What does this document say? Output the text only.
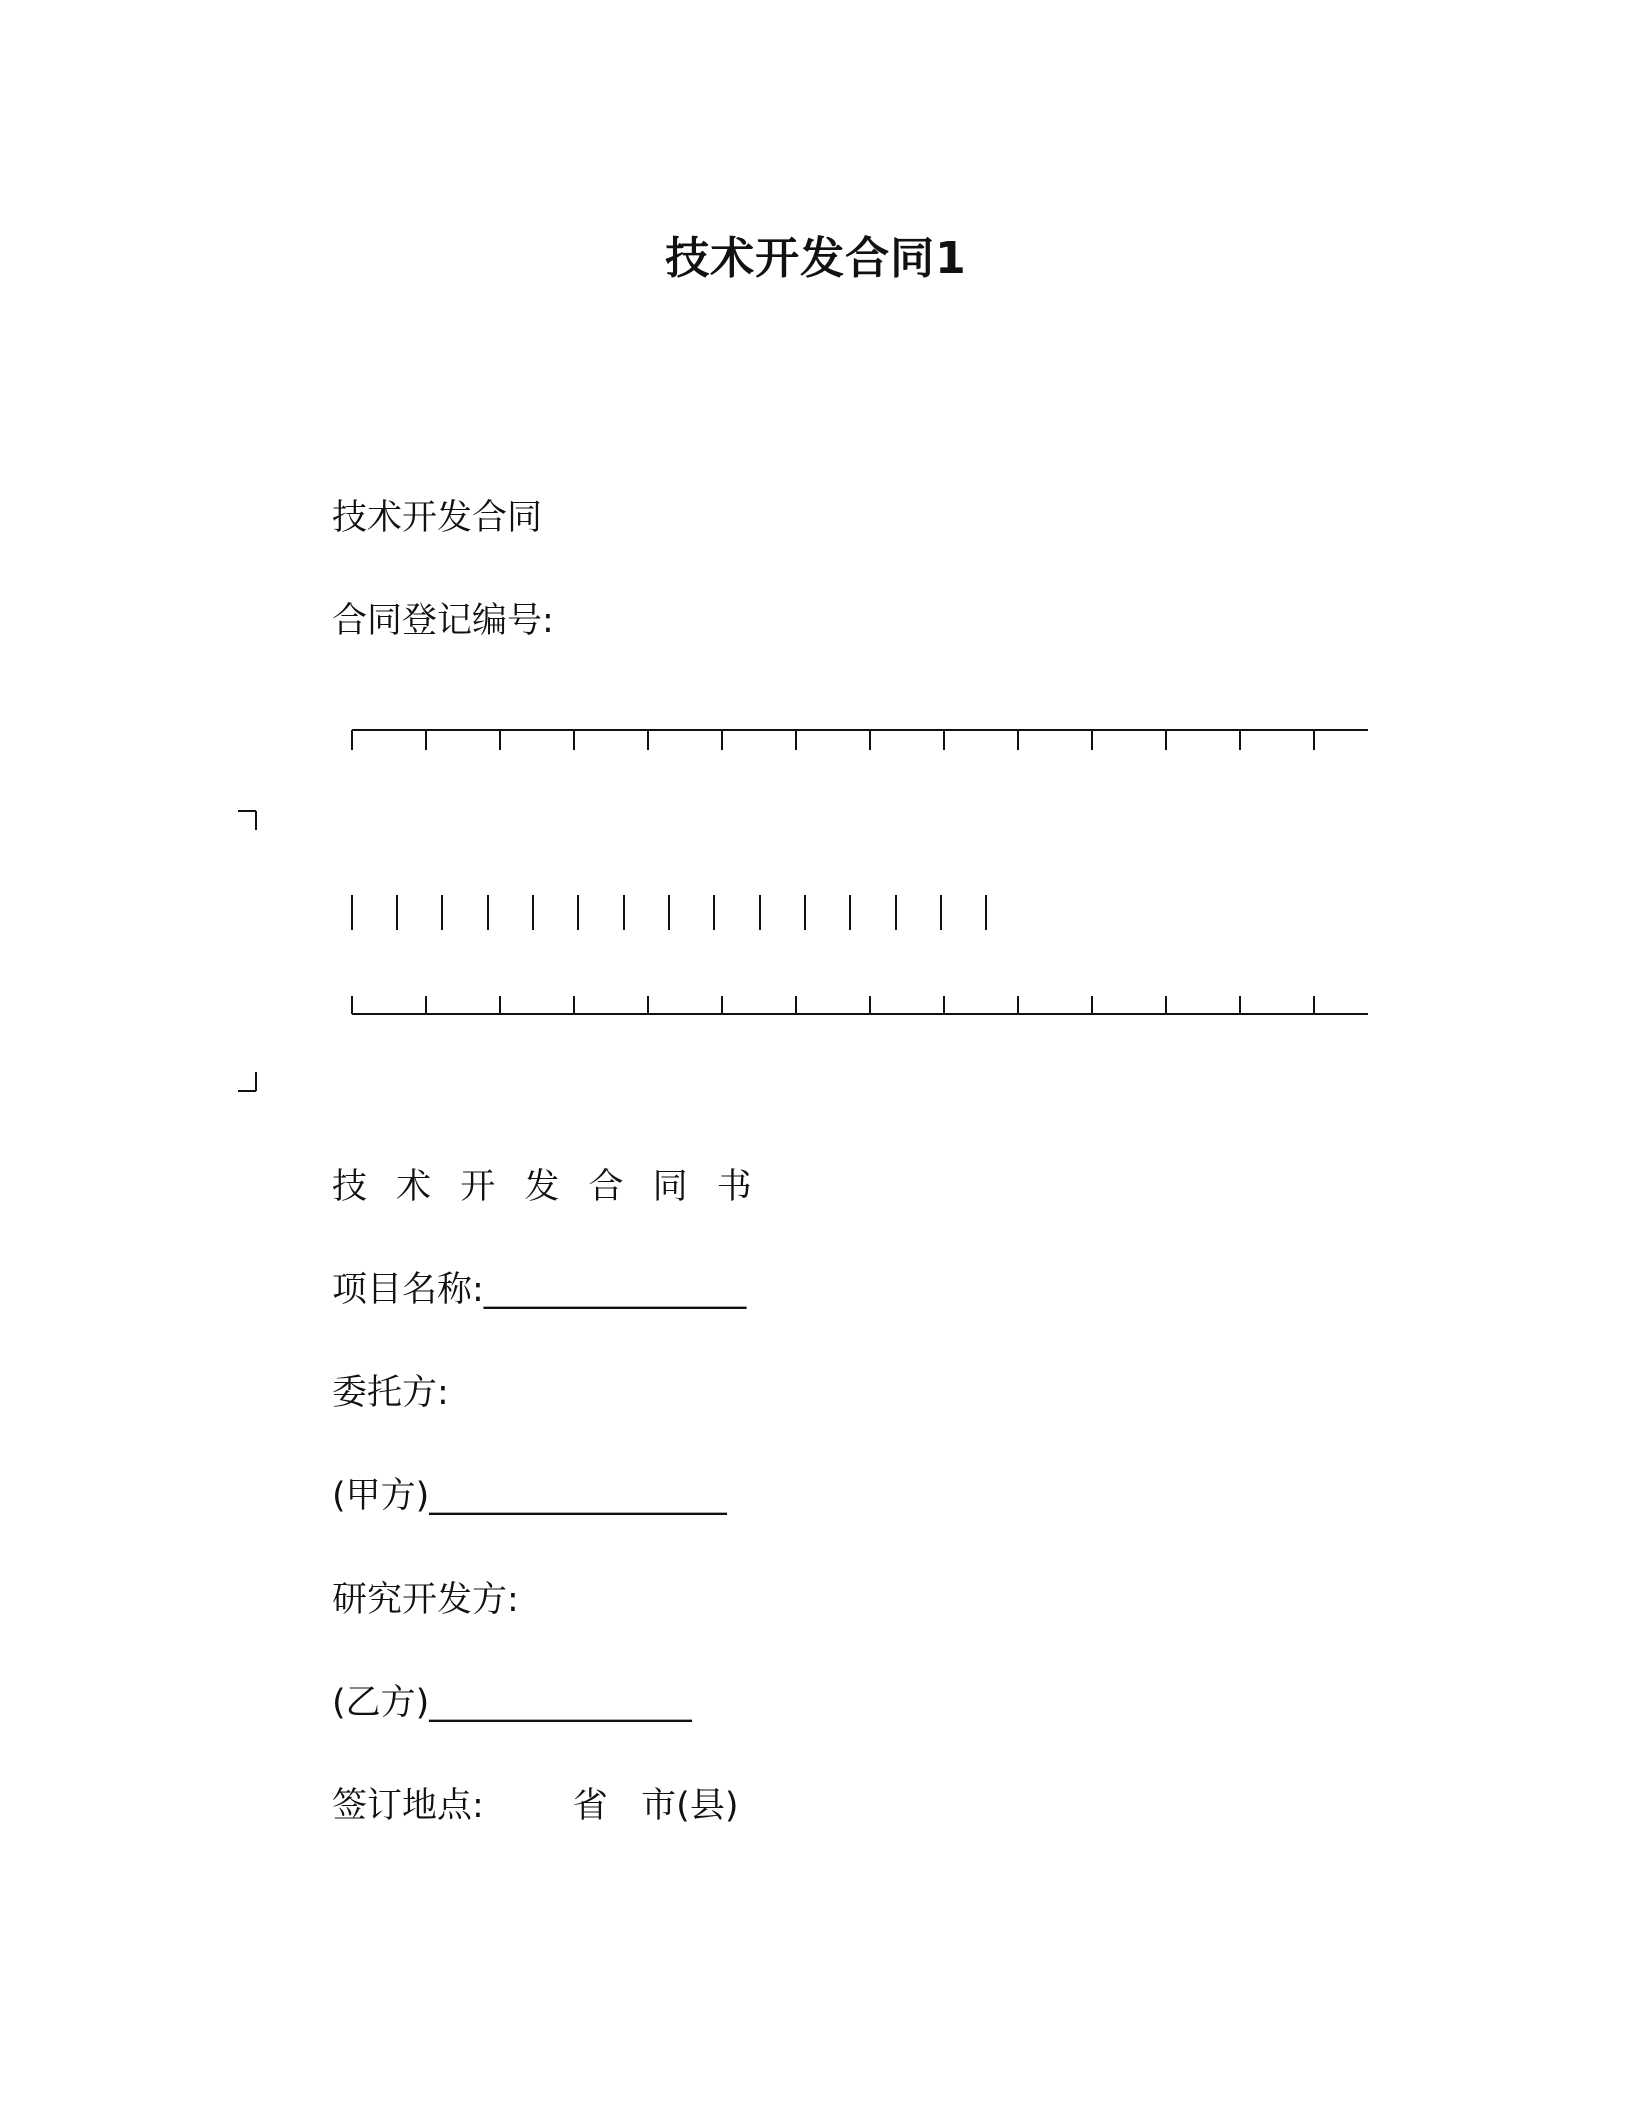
技术开发合同1

技术开发合同

合同登记编号:

技 术 开 发 合 同 书

项目名称:_______________

委托方:

(甲方)_________________

研究开发方:

(乙方)_______________

签订地点:        省   市(县)
